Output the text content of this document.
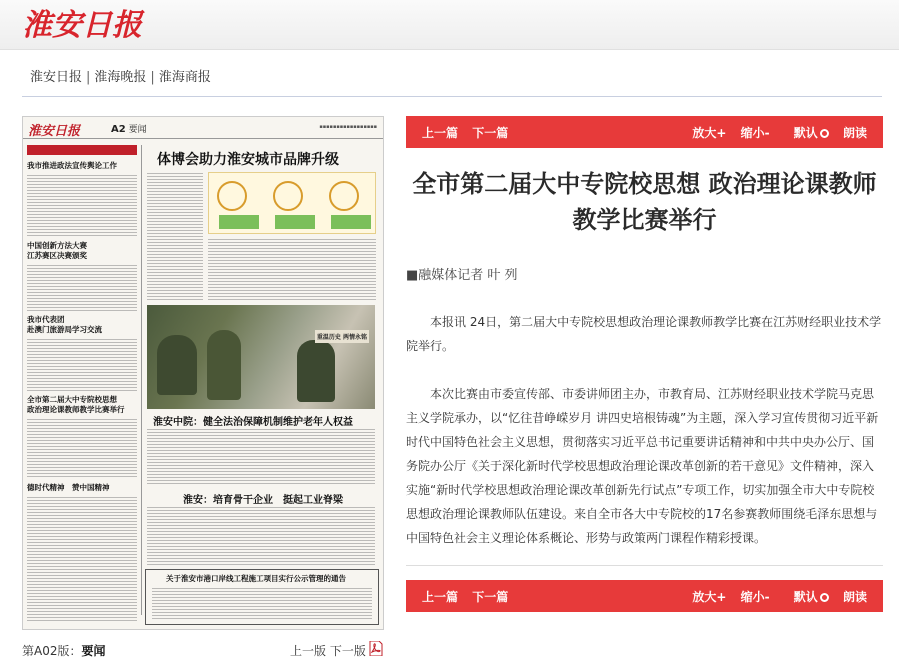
淮安日报
淮安日报 | 淮海晚报 | 淮海商报
淮安日报	A2 要闻	▪▪▪▪▪▪▪▪▪▪▪▪▪▪▪▪▪
体博会助力淮安城市品牌升级
我市推进政法宣传舆论工作
中国创新方法大赛
江苏赛区决赛颁奖
我市代表团
赴澳门旅游局学习交流
全市第二届大中专院校思想
政治理论课教师教学比赛举行
德时代精神　赞中国精神
重温历史 两情永铭
淮安中院：健全法治保障机制维护老年人权益
淮安：培育骨干企业　挺起工业脊梁
关于淮安市港口岸线工程施工项目实行公示管理的通告
第A02版：要闻	上一版 下一版
上一篇 下一篇	放大+ 缩小- 默认 朗读
全市第二届大中专院校思想 政治理论课教师教学比赛举行
■融媒体记者 叶 列
本报讯 24日，第二届大中专院校思想政治理论课教师教学比赛在江苏财经职业技术学院举行。
本次比赛由市委宣传部、市委讲师团主办，市教育局、江苏财经职业技术学院马克思主义学院承办，以“忆往昔峥嵘岁月 讲四史培根铸魂”为主题，深入学习宣传贯彻习近平新时代中国特色社会主义思想，贯彻落实习近平总书记重要讲话精神和中共中央办公厅、国务院办公厅《关于深化新时代学校思想政治理论课改革创新的若干意见》文件精神，深入实施“新时代学校思想政治理论课改革创新先行试点”专项工作，切实加强全市大中专院校思想政治理论课教师队伍建设。来自全市各大中专院校的17名参赛教师围绕毛泽东思想与中国特色社会主义理论体系概论、形势与政策两门课程作精彩授课。
上一篇 下一篇	放大+ 缩小- 默认 朗读
